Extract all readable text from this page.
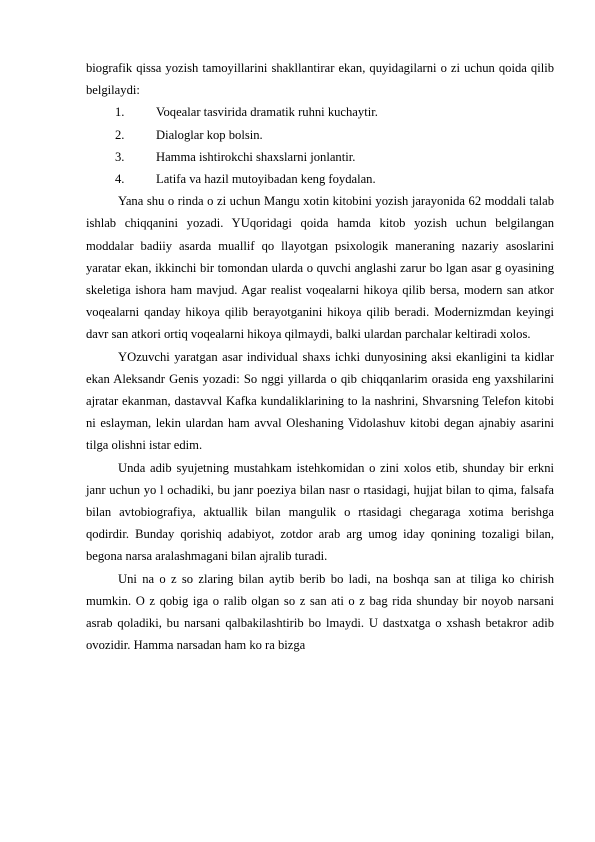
biografik qissa yozish tamoyillarini shakllantirar ekan, quyidagilarni o zi uchun qoida qilib belgilaydi:

1.	Voqealar tasvirida dramatik ruhni kuchaytir.
2.	Dialoglar kop bolsin.
3.	Hamma ishtirokchi shaxslarni jonlantir.
4.	Latifa va hazil mutoyibadan keng foydalan.

Yana shu o rinda o zi uchun Mangu xotin kitobini yozish jarayonida 62 moddali talab ishlab chiqqanini yozadi. YUqoridagi qoida hamda kitob yozish uchun belgilangan moddalar badiiy asarda muallif qo llayotgan psixologik maneraning nazariy asoslarini yaratar ekan, ikkinchi bir tomondan ularda o quvchi anglashi zarur bo lgan asar g oyasining skeletiga ishora ham mavjud. Agar realist voqealarni hikoya qilib bersa, modern san atkor voqealarni qanday hikoya qilib berayotganini hikoya qilib beradi. Modernizmdan keyingi davr san atkori ortiq voqealarni hikoya qilmaydi, balki ulardan parchalar keltiradi xolos.

YOzuvchi yaratgan asar individual shaxs ichki dunyosining aksi ekanligini ta kidlar ekan Aleksandr Genis yozadi: So nggi yillarda o qib chiqqanlarim orasida eng yaxshilarini ajratar ekanman, dastavval Kafka kundaliklarining to la nashrini, Shvarsning Telefon kitobi ni eslayman, lekin ulardan ham avval Oleshaning Vidolashuv kitobi degan ajnabiy asarini tilga olishni istar edim.

Unda adib syujetning mustahkam istehkomidan o zini xolos etib, shunday bir erkni janr uchun yo l ochadiki, bu janr poeziya bilan nasr o rtasidagi, hujjat bilan to qima, falsafa bilan avtobiografiya, aktuallik bilan mangulik o rtasidagi chegaraga xotima berishga qodirdir. Bunday qorishiq adabiyot, zotdor arab arg umog iday qonining tozaligi bilan, begona narsa aralashmagani bilan ajralib turadi.

Uni na o z so zlaring bilan aytib berib bo ladi, na boshqa san at tiliga ko chirish mumkin. O z qobig iga o ralib olgan so z san ati o z bag rida shunday bir noyob narsani asrab qoladiki, bu narsani qalbakilashtirib bo lmaydi. U dastxatga o xshash betakror adib ovozidir. Hamma narsadan ham ko ra bizga
